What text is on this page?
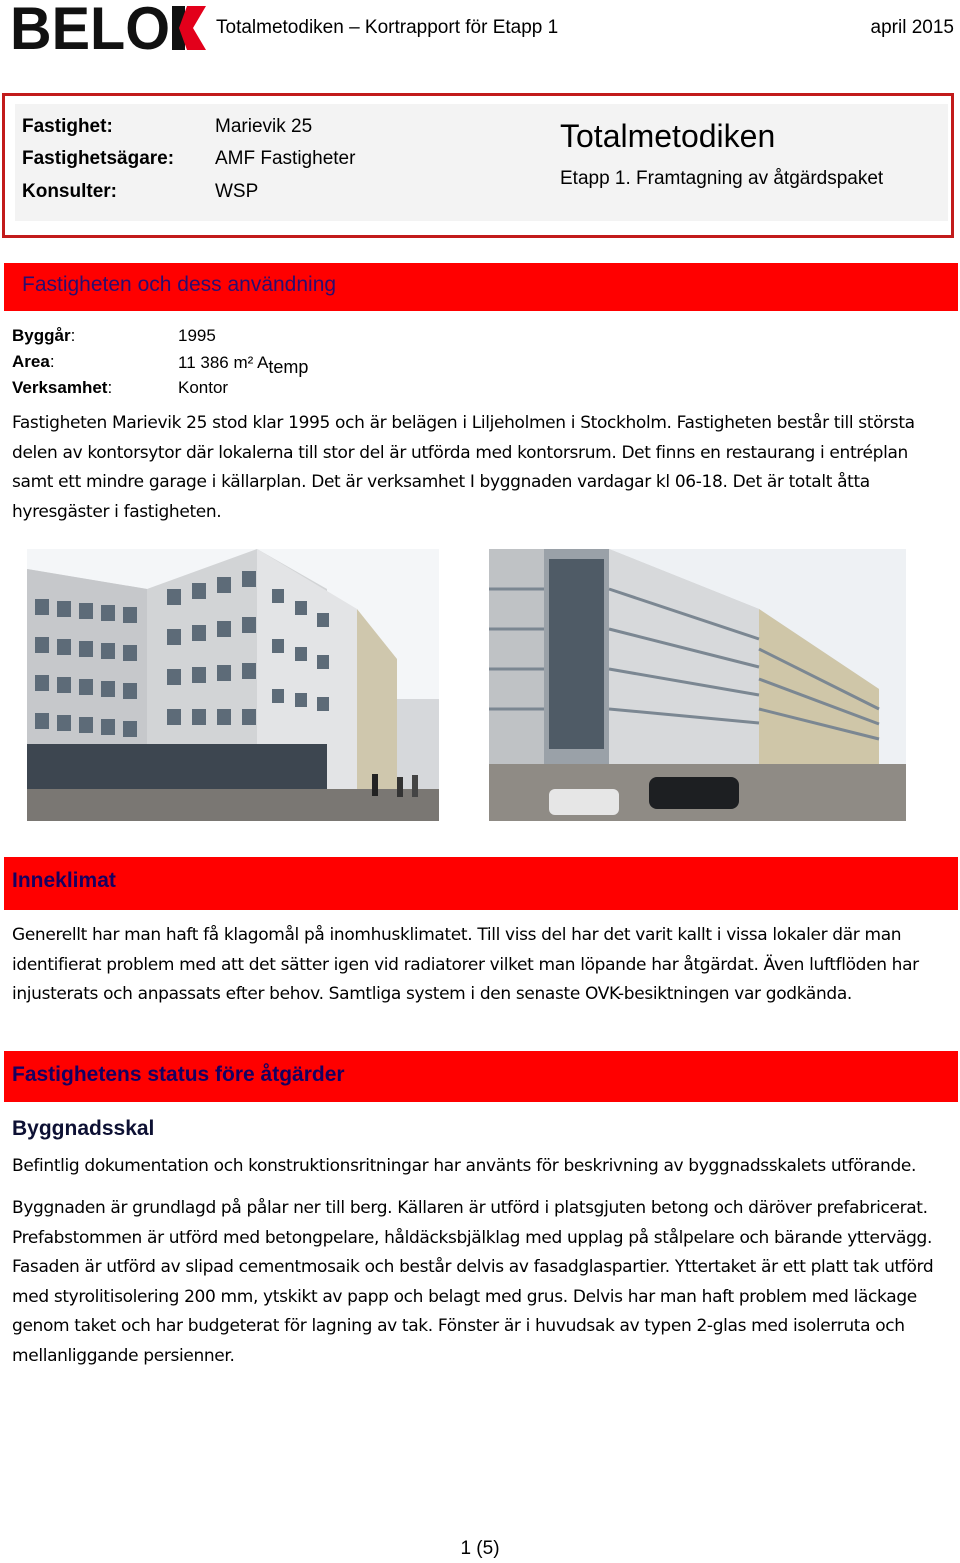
BELO Totalmetodiken – Kortrapport för Etapp 1	april 2015
Fastighet:	Marievik 25
Fastighetsägare: AMF Fastigheter
Konsulter:	WSP
Totalmetodiken
Etapp 1. Framtagning av åtgärdspaket
Fastigheten och dess användning
Byggår:	1995
Area:	11 386 m² Atemp
Verksamhet:	Kontor
Fastigheten Marievik 25 stod klar 1995 och är belägen i Liljeholmen i Stockholm. Fastigheten består till största delen av kontorsytor där lokalerna till stor del är utförda med kontorsrum. Det finns en restaurang i entréplan samt ett mindre garage i källarplan. Det är verksamhet I byggnaden vardagar kl 06-18. Det är totalt åtta hyresgäster i fastigheten.
Inneklimat
Generellt har man haft få klagomål på inomhusklimatet. Till viss del har det varit kallt i vissa lokaler där man identifierat problem med att det sätter igen vid radiatorer vilket man löpande har åtgärdat. Även luftflöden har injusterats och anpassats efter behov. Samtliga system i den senaste OVK-besiktningen var godkända.
Fastighetens status före åtgärder
Byggnadsskal
Befintlig dokumentation och konstruktionsritningar har använts för beskrivning av byggnadsskalets utförande.
Byggnaden är grundlagd på pålar ner till berg. Källaren är utförd i platsgjuten betong och däröver prefabricerat. Prefabstommen är utförd med betongpelare, håldäcksbjälklag med upplag på stålpelare och bärande yttervägg. Fasaden är utförd av slipad cementmosaik och består delvis av fasadglaspartier. Yttertaket är ett platt tak utförd med styrolitisolering 200 mm, ytskikt av papp och belagt med grus. Delvis har man haft problem med läckage genom taket och har budgeterat för lagning av tak. Fönster är i huvudsak av typen 2-glas med isolerruta och mellanliggande persienner.
1 (5)
